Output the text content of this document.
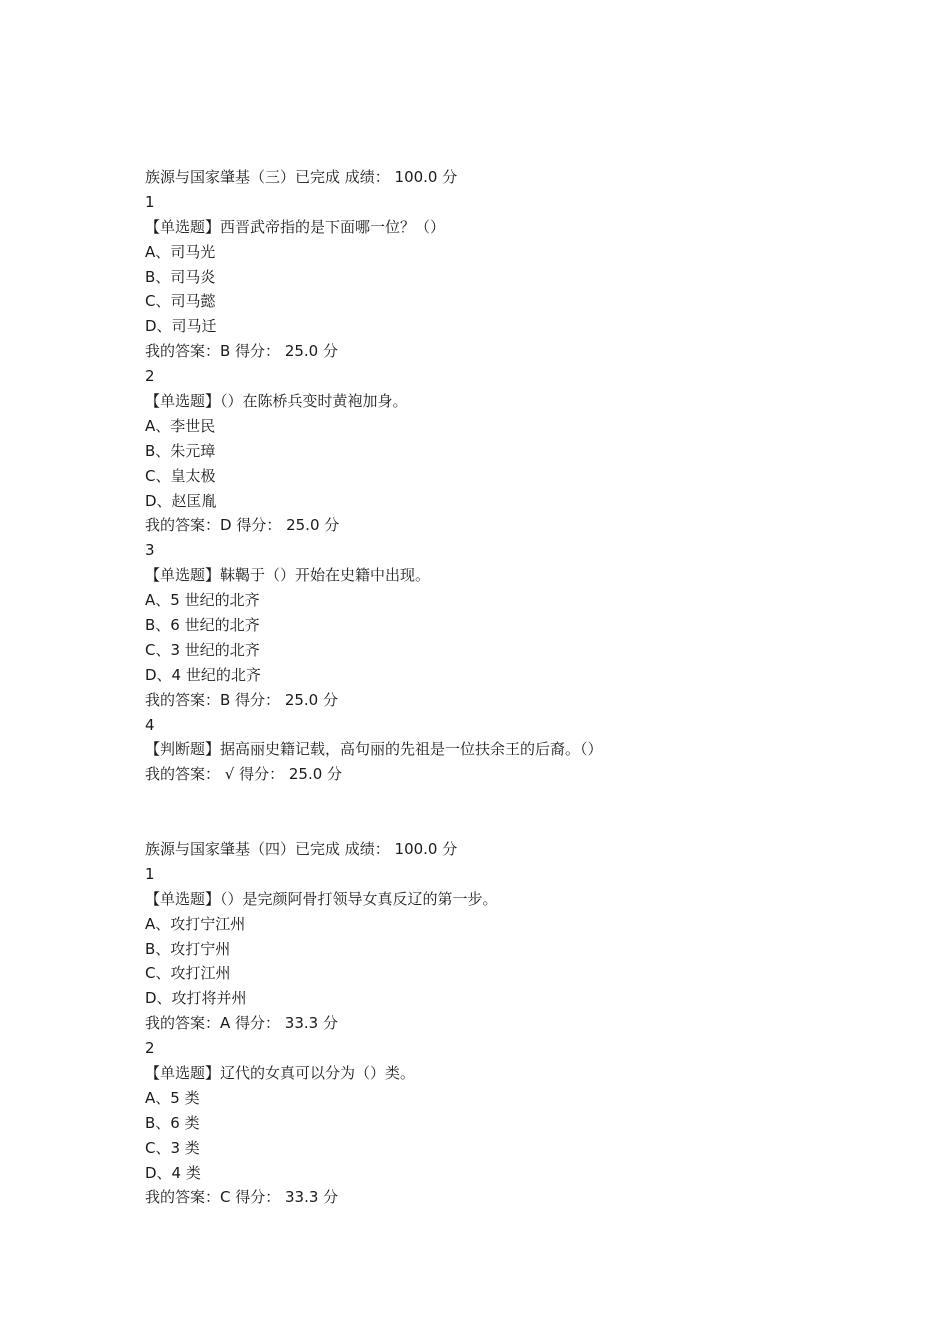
族源与国家肇基（三）已完成 成绩： 100.0 分
1
【单选题】西晋武帝指的是下面哪一位？（）
A、司马光
B、司马炎
C、司马懿
D、司马迁
我的答案：B 得分： 25.0 分
2
【单选题】（）在陈桥兵变时黄袍加身。
A、李世民
B、朱元璋
C、皇太极
D、赵匡胤
我的答案：D 得分： 25.0 分
3
【单选题】靺鞨于（）开始在史籍中出现。
A、5 世纪的北齐
B、6 世纪的北齐
C、3 世纪的北齐
D、4 世纪的北齐
我的答案：B 得分： 25.0 分
4
【判断题】据高丽史籍记载，高句丽的先祖是一位扶余王的后裔。（）
我的答案： √ 得分： 25.0 分
族源与国家肇基（四）已完成 成绩： 100.0 分
1
【单选题】（）是完颜阿骨打领导女真反辽的第一步。
A、攻打宁江州
B、攻打宁州
C、攻打江州
D、攻打将并州
我的答案：A 得分： 33.3 分
2
【单选题】辽代的女真可以分为（）类。
A、5 类
B、6 类
C、3 类
D、4 类
我的答案：C 得分： 33.3 分
